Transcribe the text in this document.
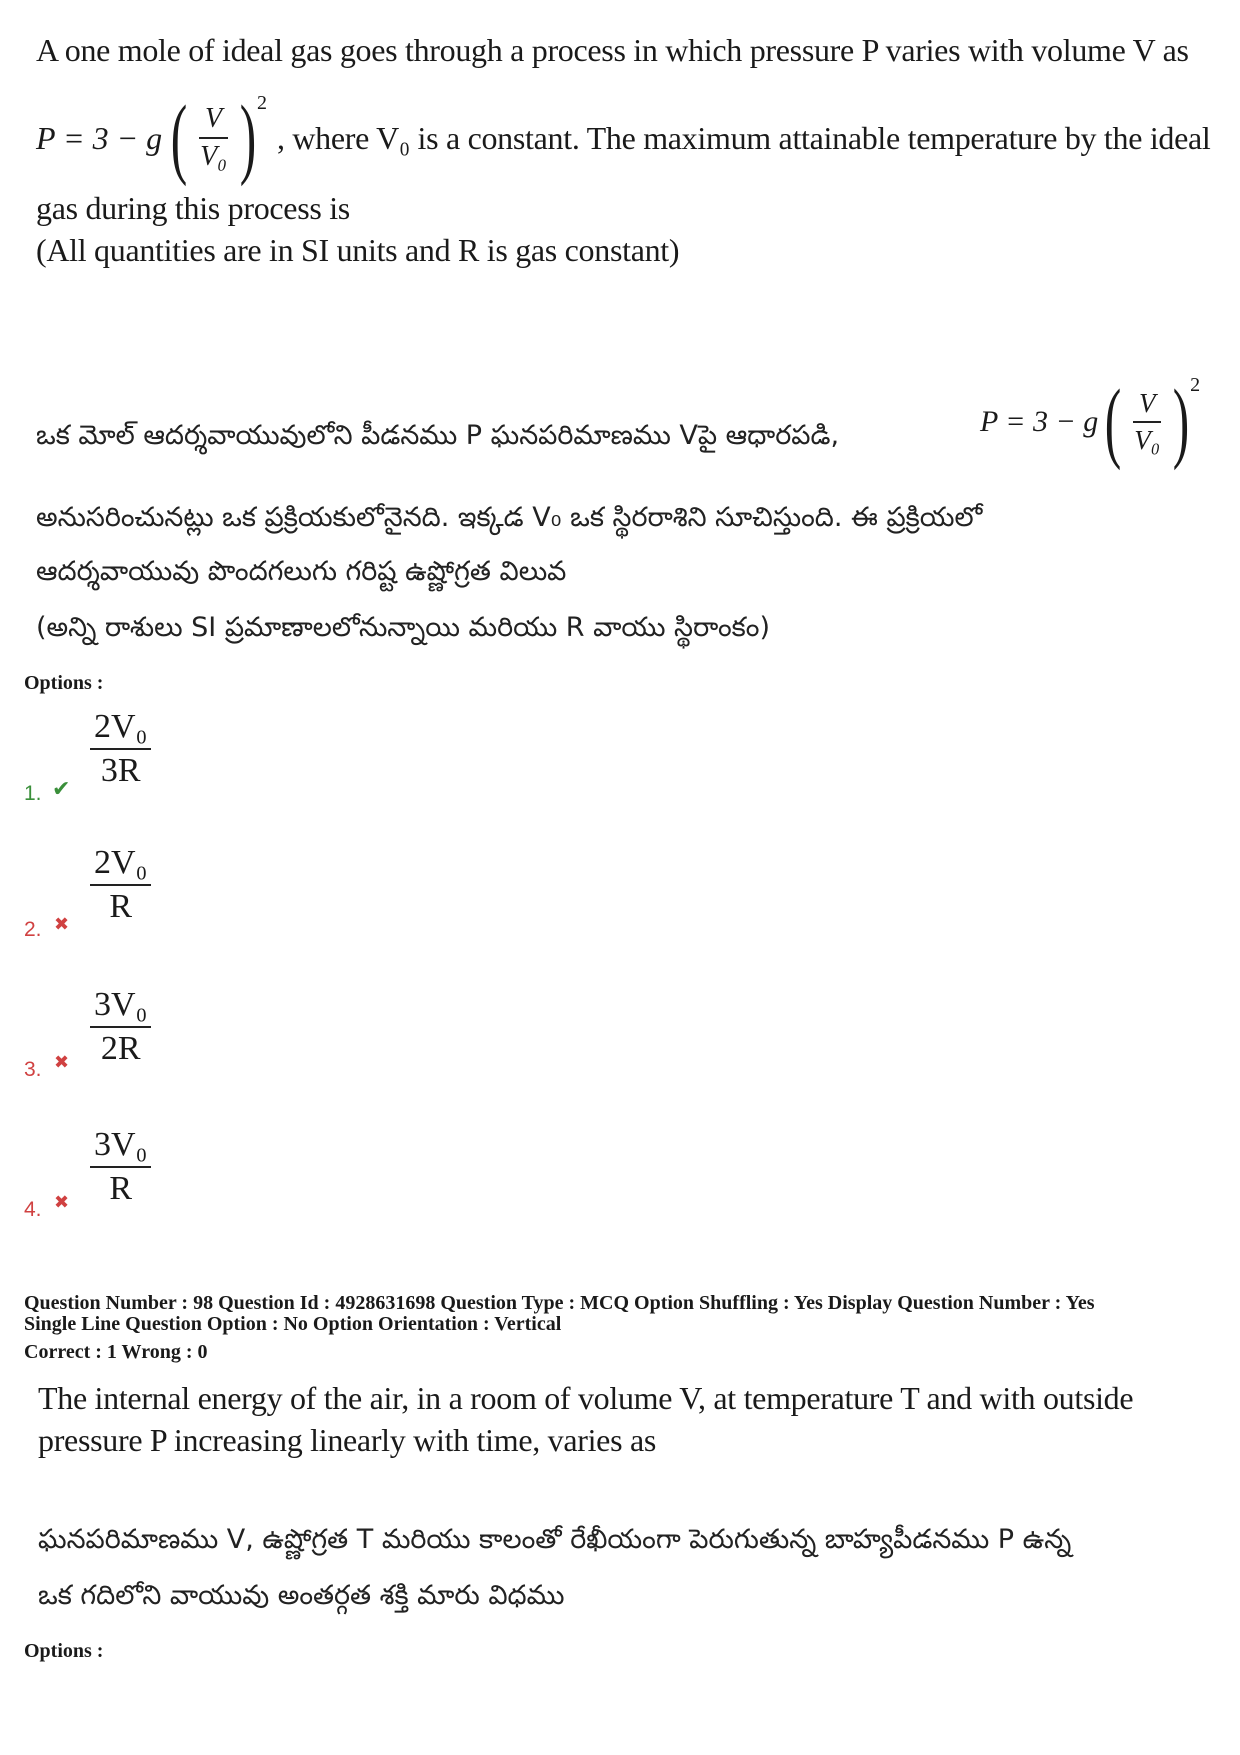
A one mole of ideal gas goes through a process in which pressure P varies with volume V as
P = 3 − g ( $\frac{V}{\text{V₀}}$ ) 2
, where V₀ is a constant. The maximum attainable temperature by the ideal
gas during this process is
(All quantities are in SI units and R is gas constant)
ఒక మోల్ ఆదర్శవాయువులోని పీడనము P ఘనపరిమాణము Vపై ఆధారపడి,	P = 3 − g ( $\frac{V}{\text{V₀}}$ ) 2
అనుసరించునట్లు ఒక ప్రక్రియకులోనైనది. ఇక్కడ V₀ ఒక స్థిరరాశిని సూచిస్తుంది. ఈ ప్రక్రియలో
ఆదర్శవాయువు పొందగలుగు గరిష్ట ఉష్ణోగ్రత విలువ
(అన్ని రాశులు SI ప్రమాణాలలోనున్నాయి మరియు R వాయు స్థిరాంకం)
Options :
1. ✔ $\frac{\text{2V₀}}{3R}$
2. ✖ $\frac{\text{2V₀}}{R}$
3. ✖ $\frac{\text{3V₀}}{2R}$
4. ✖ $\frac{\text{3V₀}}{R}$
Question Number : 98 Question Id : 4928631698 Question Type : MCQ Option Shuffling : Yes Display Question Number : Yes
Single Line Question Option : No Option Orientation : Vertical
Correct : 1 Wrong : 0
The internal energy of the air, in a room of volume V, at temperature T and with outside
pressure P increasing linearly with time, varies as
ఘనపరిమాణము V, ఉష్ణోగ్రత T మరియు కాలంతో రేఖీయంగా పెరుగుతున్న బాహ్యపీడనము P ఉన్న
ఒక గదిలోని వాయువు అంతర్గత శక్తి మారు విధము
Options :
